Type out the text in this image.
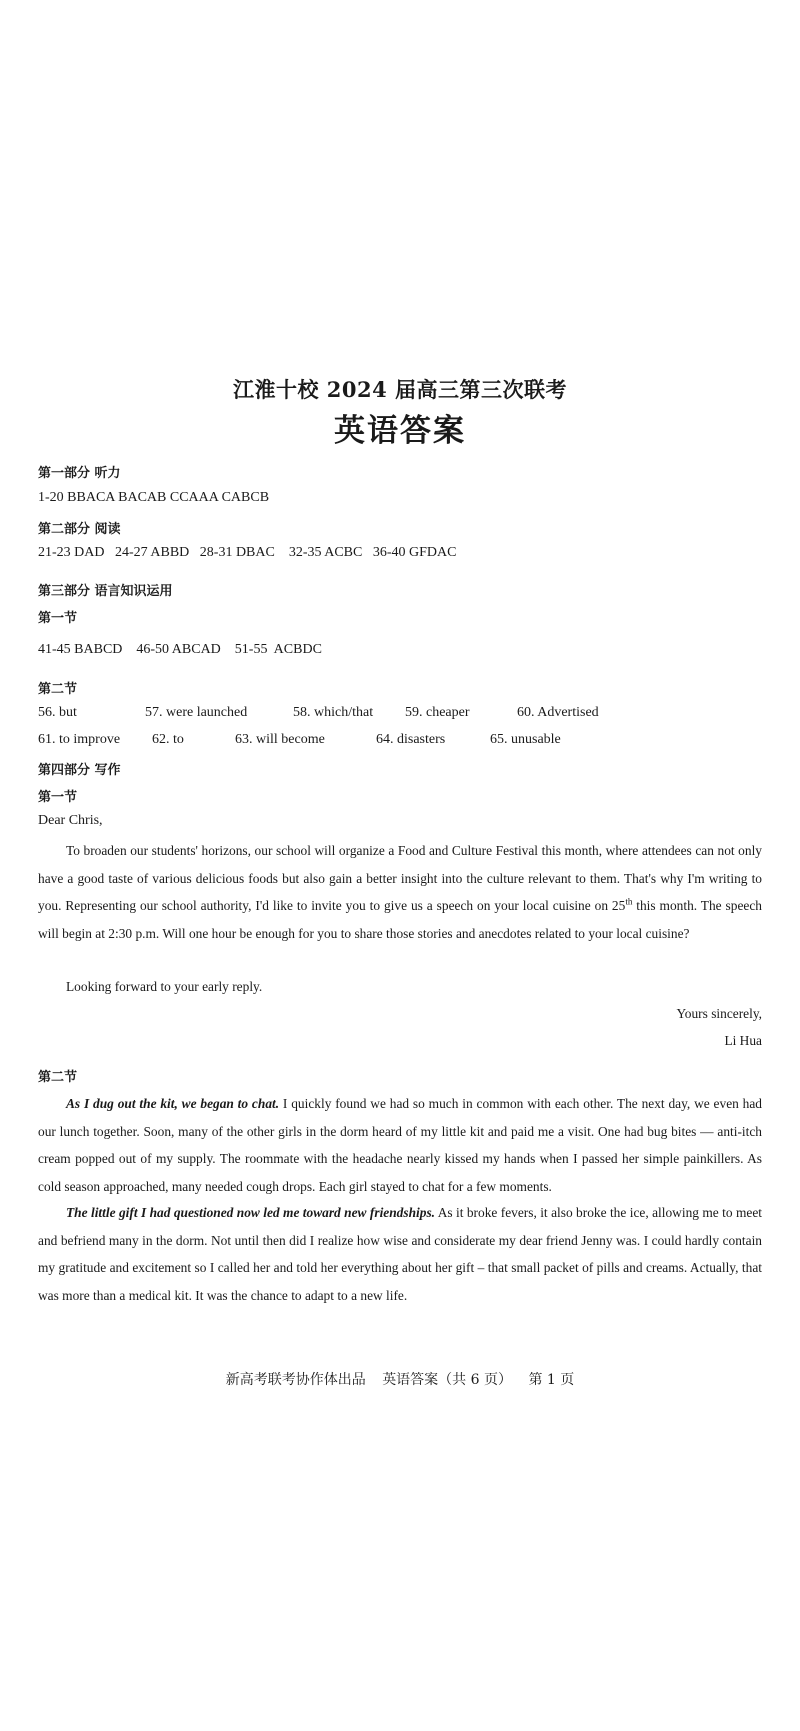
江淮十校 2024 届高三第三次联考
英语答案
第一部分 听力
1-20 BBACA BACAB CCAAA CABCB
第二部分 阅读
21-23 DAD   24-27 ABBD   28-31 DBAC    32-35 ACBC   36-40 GFDAC
第三部分 语言知识运用
第一节
41-45 BABCD    46-50 ABCAD    51-55  ACBDC
第二节
56. but	57. were launched	58. which/that 59. cheaper	60. Advertised
61. to improve 62. to	63. will become	64. disasters	65. unusable
第四部分 写作
第一节
Dear Chris,
To broaden our students' horizons, our school will organize a Food and Culture Festival this month, where attendees can not only have a good taste of various delicious foods but also gain a better insight into the culture relevant to them. That's why I'm writing to you. Representing our school authority, I'd like to invite you to give us a speech on your local cuisine on 25th this month. The speech will begin at 2:30 p.m. Will one hour be enough for you to share those stories and anecdotes related to your local cuisine?
Looking forward to your early reply.
Yours sincerely,
Li Hua
第二节
As I dug out the kit, we began to chat. I quickly found we had so much in common with each other. The next day, we even had our lunch together. Soon, many of the other girls in the dorm heard of my little kit and paid me a visit. One had bug bites — anti-itch cream popped out of my supply. The roommate with the headache nearly kissed my hands when I passed her simple painkillers. As cold season approached, many needed cough drops. Each girl stayed to chat for a few moments.
The little gift I had questioned now led me toward new friendships. As it broke fevers, it also broke the ice, allowing me to meet and befriend many in the dorm. Not until then did I realize how wise and considerate my dear friend Jenny was. I could hardly contain my gratitude and excitement so I called her and told her everything about her gift – that small packet of pills and creams. Actually, that was more than a medical kit. It was the chance to adapt to a new life.
新高考联考协作体出品 英语答案（共 6 页） 第 1 页
